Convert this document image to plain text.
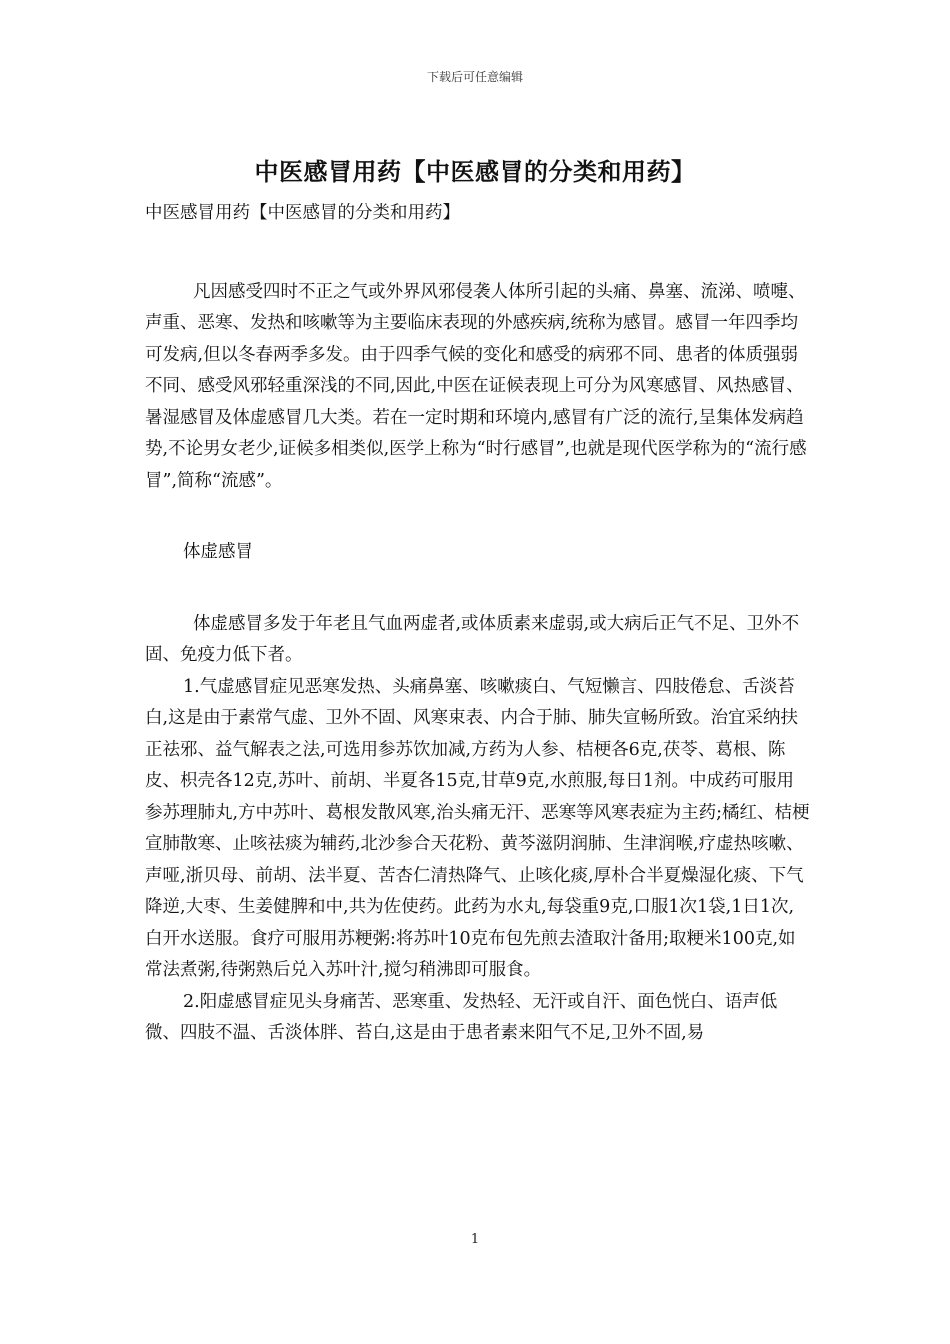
下载后可任意编辑
中医感冒用药【中医感冒的分类和用药】

中医感冒用药【中医感冒的分类和用药】

凡因感受四时不正之气或外界风邪侵袭人体所引起的头痛、鼻塞、流涕、喷嚏、声重、恶寒、发热和咳嗽等为主要临床表现的外感疾病,统称为感冒。感冒一年四季均可发病,但以冬春两季多发。由于四季气候的变化和感受的病邪不同、患者的体质强弱不同、感受风邪轻重深浅的不同,因此,中医在证候表现上可分为风寒感冒、风热感冒、暑湿感冒及体虚感冒几大类。若在一定时期和环境内,感冒有广泛的流行,呈集体发病趋势,不论男女老少,证候多相类似,医学上称为“时行感冒”,也就是现代医学称为的“流行感冒”,简称“流感”。

体虚感冒

体虚感冒多发于年老且气血两虚者,或体质素来虚弱,或大病后正气不足、卫外不固、免疫力低下者。

1.气虚感冒症见恶寒发热、头痛鼻塞、咳嗽痰白、气短懒言、四肢倦怠、舌淡苔白,这是由于素常气虚、卫外不固、风寒束表、内合于肺、肺失宣畅所致。治宜采纳扶正祛邪、益气解表之法,可选用参苏饮加减,方药为人参、桔梗各6克,茯苓、葛根、陈皮、枳壳各12克,苏叶、前胡、半夏各15克,甘草9克,水煎服,每日1剂。中成药可服用参苏理肺丸,方中苏叶、葛根发散风寒,治头痛无汗、恶寒等风寒表症为主药;橘红、桔梗宣肺散寒、止咳祛痰为辅药,北沙参合天花粉、黄芩滋阴润肺、生津润喉,疗虚热咳嗽、声哑,浙贝母、前胡、法半夏、苦杏仁清热降气、止咳化痰,厚朴合半夏燥湿化痰、下气降逆,大枣、生姜健脾和中,共为佐使药。此药为水丸,每袋重9克,口服1次1袋,1日1次,白开水送服。食疗可服用苏粳粥:将苏叶10克布包先煎去渣取汁备用;取粳米100克,如常法煮粥,待粥熟后兑入苏叶汁,搅匀稍沸即可服食。

2.阳虚感冒症见头身痛苦、恶寒重、发热轻、无汗或自汗、面色恍白、语声低微、四肢不温、舌淡体胖、苔白,这是由于患者素来阳气不足,卫外不固,易

1
